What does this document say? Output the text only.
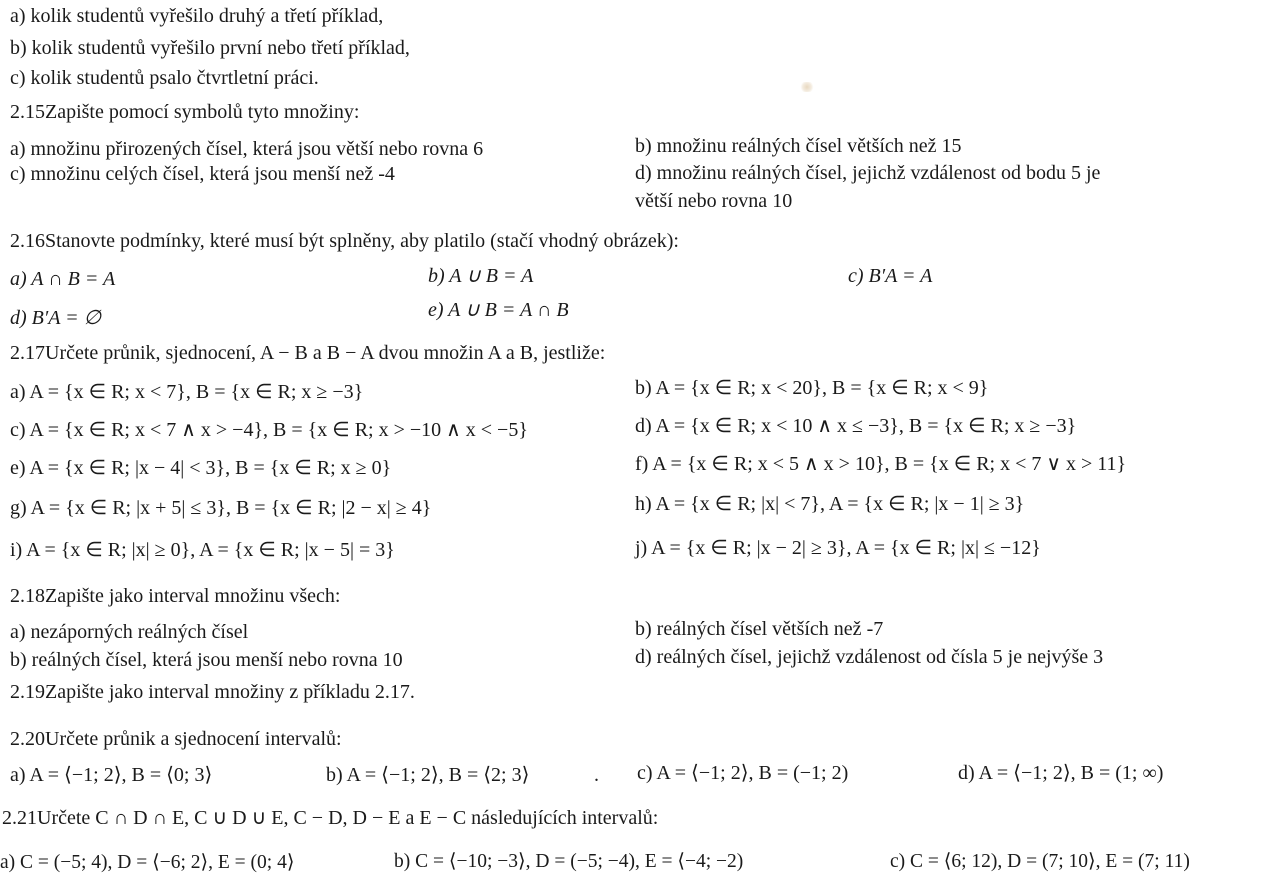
a) kolik studentů vyřešilo druhý a třetí příklad,
b) kolik studentů vyřešilo první nebo třetí příklad,
c) kolik studentů psalo čtvrtletní práci.
2.15Zapište pomocí symbolů tyto množiny:
a) množinu přirozených čísel, která jsou větší nebo rovna 6	b) množinu reálných čísel větších než 15
c) množinu celých čísel, která jsou menší než -4	d) množinu reálných čísel, jejichž vzdálenost od bodu 5 je
větší nebo rovna 10
2.16Stanovte podmínky, které musí být splněny, aby platilo (stačí vhodný obrázek):
a) A ∩ B = A	b) A ∪ B = A	c) B′A = A
d) B′A = ∅	e) A ∪ B = A ∩ B
2.17Určete průnik, sjednocení, A − B a B − A dvou množin A a B, jestliže:
a) A = {x ∈ R; x < 7}, B = {x ∈ R; x ≥ −3}	b) A = {x ∈ R; x < 20}, B = {x ∈ R; x < 9}
c) A = {x ∈ R; x < 7 ∧ x > −4}, B = {x ∈ R; x > −10 ∧ x < −5}	d) A = {x ∈ R; x < 10 ∧ x ≤ −3}, B = {x ∈ R; x ≥ −3}
e) A = {x ∈ R; |x − 4| < 3}, B = {x ∈ R; x ≥ 0}	f) A = {x ∈ R; x < 5 ∧ x > 10}, B = {x ∈ R; x < 7 ∨ x > 11}
g) A = {x ∈ R; |x + 5| ≤ 3}, B = {x ∈ R; |2 − x| ≥ 4}	h) A = {x ∈ R; |x| < 7}, A = {x ∈ R; |x − 1| ≥ 3}
i) A = {x ∈ R; |x| ≥ 0}, A = {x ∈ R; |x − 5| = 3}	j) A = {x ∈ R; |x − 2| ≥ 3}, A = {x ∈ R; |x| ≤ −12}
2.18Zapište jako interval množinu všech:
a) nezáporných reálných čísel	b) reálných čísel větších než -7
b) reálných čísel, která jsou menší nebo rovna 10	d) reálných čísel, jejichž vzdálenost od čísla 5 je nejvýše 3
2.19Zapište jako interval množiny z příkladu 2.17.
2.20Určete průnik a sjednocení intervalů:
a) A = ⟨−1; 2⟩, B = ⟨0; 3⟩	b) A = ⟨−1; 2⟩, B = ⟨2; 3⟩	. c) A = ⟨−1; 2⟩, B = (−1; 2)	d) A = ⟨−1; 2⟩, B = (1; ∞)
2.21Určete C ∩ D ∩ E, C ∪ D ∪ E, C − D, D − E a E − C následujících intervalů:
a) C = (−5; 4), D = ⟨−6; 2⟩, E = (0; 4⟩	b) C = ⟨−10; −3⟩, D = (−5; −4), E = ⟨−4; −2)	c) C = ⟨6; 12), D = (7; 10⟩, E = (7; 11)
